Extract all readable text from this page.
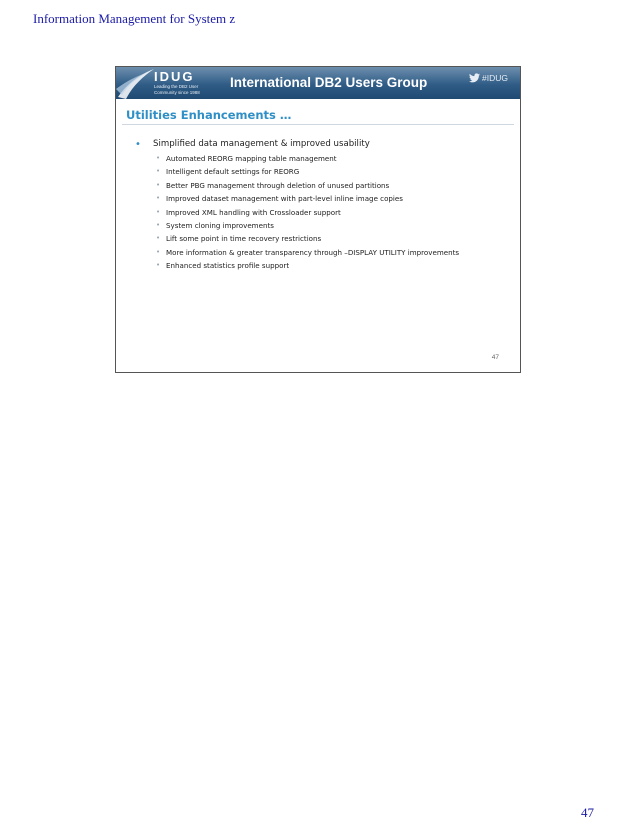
Information Management for System z
IDUG
Leading the DB2 User
Community since 1988
International DB2 Users Group	#IDUG
Utilities Enhancements …
• Simplified data management & improved usability
• Automated REORG mapping table management
• Intelligent default settings for REORG
• Better PBG management through deletion of unused partitions
• Improved dataset management with part-level inline image copies
• Improved XML handling with Crossloader support
• System cloning improvements
• Lift some point in time recovery restrictions
• More information & greater transparency through –DISPLAY UTILITY improvements
• Enhanced statistics profile support
47
47
